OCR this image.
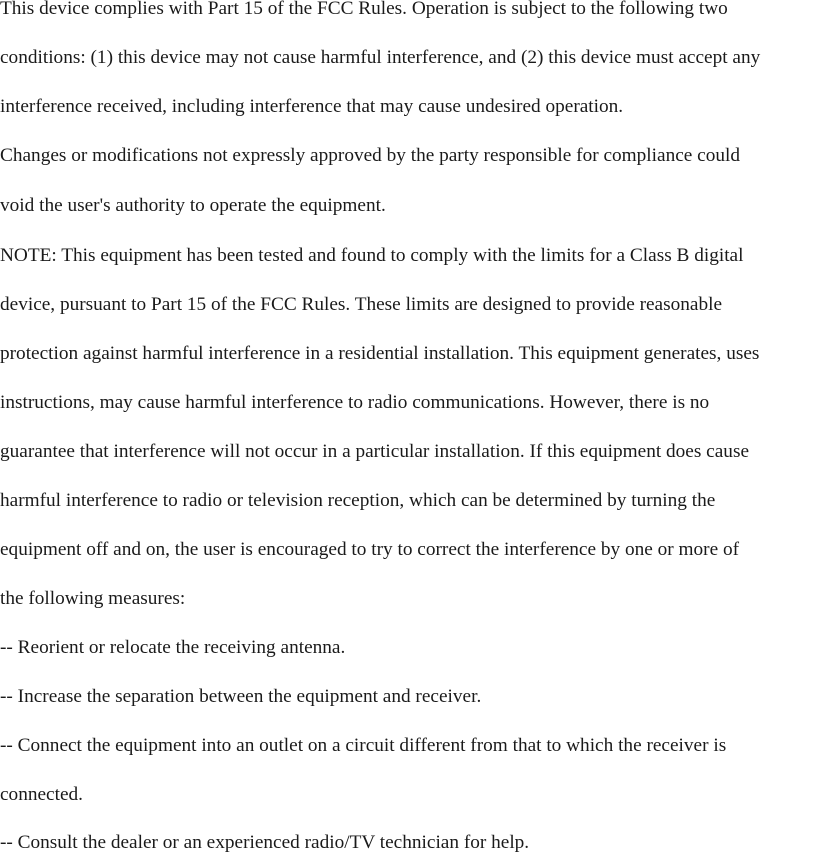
This device complies with Part 15 of the FCC Rules. Operation is subject to the following two
conditions: (1) this device may not cause harmful interference, and (2) this device must accept any
interference received, including interference that may cause undesired operation.
Changes or modifications not expressly approved by the party responsible for compliance could
void the user's authority to operate the equipment.
NOTE: This equipment has been tested and found to comply with the limits for a Class B digital
device, pursuant to Part 15 of the FCC Rules. These limits are designed to provide reasonable
protection against harmful interference in a residential installation. This equipment generates, uses
instructions, may cause harmful interference to radio communications. However, there is no
guarantee that interference will not occur in a particular installation. If this equipment does cause
harmful interference to radio or television reception, which can be determined by turning the
equipment off and on, the user is encouraged to try to correct the interference by one or more of
the following measures:
-- Reorient or relocate the receiving antenna.
-- Increase the separation between the equipment and receiver.
-- Connect the equipment into an outlet on a circuit different from that to which the receiver is
connected.
-- Consult the dealer or an experienced radio/TV technician for help.
